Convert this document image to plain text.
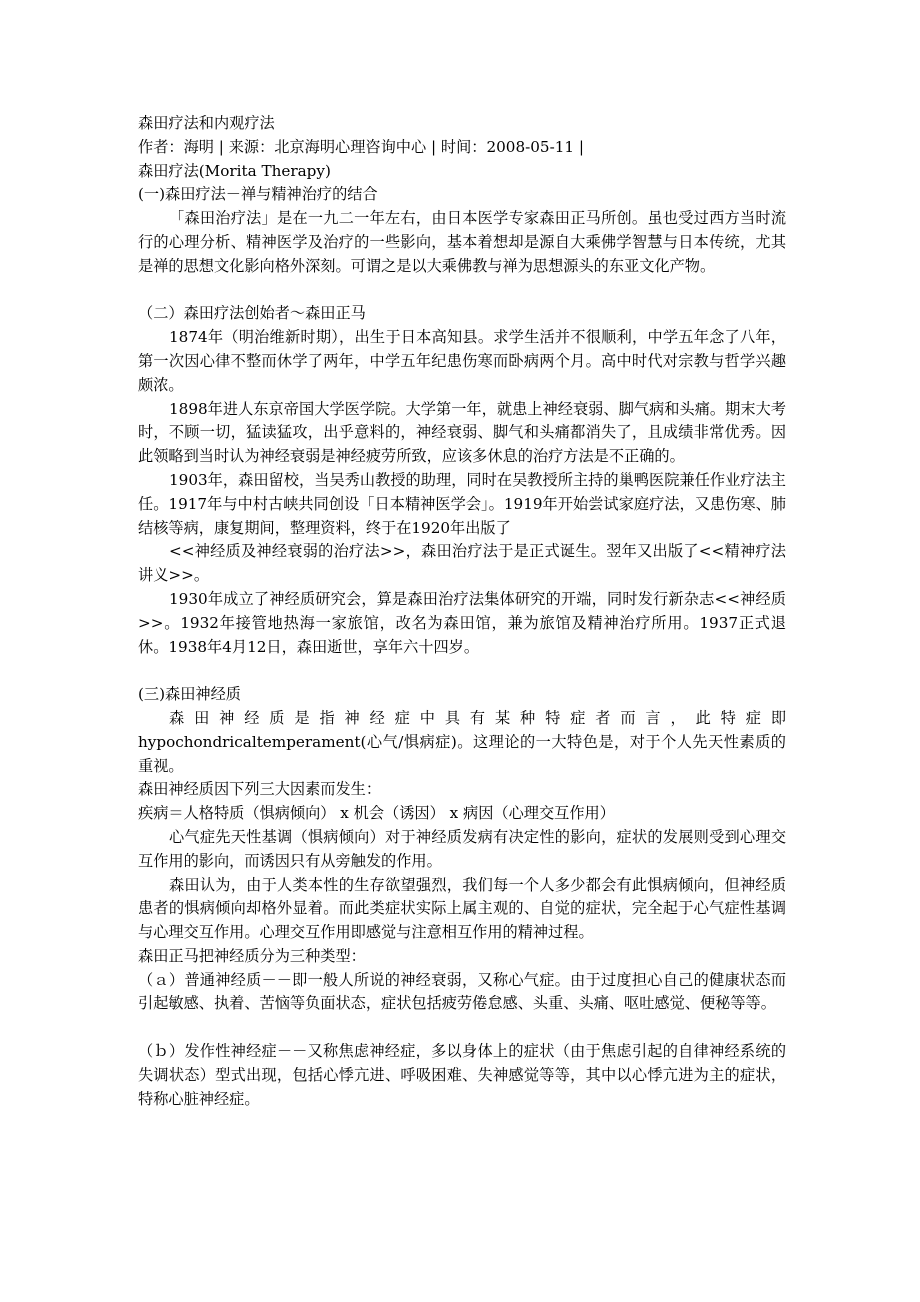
森田疗法和内观疗法
作者：海明 | 来源：北京海明心理咨询中心 | 时间：2008-05-11 |
森田疗法(Morita Therapy)
(一)森田疗法－禅与精神治疗的结合

「森田治疗法」是在一九二一年左右，由日本医学专家森田正马所创。虽也受过西方当时流行的心理分析、精神医学及治疗的一些影向，基本着想却是源自大乘佛学智慧与日本传统，尤其是禅的思想文化影向格外深刻。可谓之是以大乘佛教与禅为思想源头的东亚文化产物。

（二）森田疗法创始者～森田正马

1874年（明治维新时期），出生于日本高知县。求学生活并不很顺利，中学五年念了八年，第一次因心律不整而休学了两年，中学五年纪患伤寒而卧病两个月。高中时代对宗教与哲学兴趣颇浓。

1898年进人东京帝国大学医学院。大学第一年，就患上神经衰弱、脚气病和头痛。期末大考时，不顾一切，猛读猛攻，出乎意料的，神经衰弱、脚气和头痛都消失了，且成绩非常优秀。因此领略到当时认为神经衰弱是神经疲劳所致，应该多休息的治疗方法是不正确的。

1903年，森田留校，当吴秀山教授的助理，同时在吴教授所主持的巢鸭医院兼任作业疗法主任。1917年与中村古峡共同创设「日本精神医学会」。1919年开始尝试家庭疗法，又患伤寒、肺结核等病，康复期间，整理资料，终于在1920年出版了

<<神经质及神经衰弱的治疗法>>，森田治疗法于是正式诞生。翌年又出版了<<精神疗法讲义>>。

1930年成立了神经质研究会，算是森田治疗法集体研究的开端，同时发行新杂志<<神经质>>。1932年接管地热海一家旅馆，改名为森田馆，兼为旅馆及精神治疗所用。1937正式退休。1938年4月12日，森田逝世，享年六十四岁。

(三)森田神经质

森田神经质是指神经症中具有某种特症者而言，此特症即hypochondricaltemperament(心气/惧病症)。这理论的一大特色是，对于个人先天性素质的重视。

森田神经质因下列三大因素而发生：
疾病＝人格特质（惧病倾向） x 机会（诱因） x 病因（心理交互作用）

心气症先天性基调（惧病倾向）对于神经质发病有决定性的影向，症状的发展则受到心理交互作用的影向，而诱因只有从旁触发的作用。

森田认为，由于人类本性的生存欲望强烈，我们每一个人多少都会有此惧病倾向，但神经质患者的惧病倾向却格外显着。而此类症状实际上属主观的、自觉的症状，完全起于心气症性基调与心理交互作用。心理交互作用即感觉与注意相互作用的精神过程。

森田正马把神经质分为三种类型：

（ａ）普通神经质－－即一般人所说的神经衰弱，又称心气症。由于过度担心自己的健康状态而引起敏感、执着、苦恼等负面状态，症状包括疲劳倦怠感、头重、头痛、呕吐感觉、便秘等等。

（ｂ）发作性神经症－－又称焦虑神经症，多以身体上的症状（由于焦虑引起的自律神经系统的失调状态）型式出现，包括心悸亢进、呼吸困难、失神感觉等等，其中以心悸亢进为主的症状，特称心脏神经症。
